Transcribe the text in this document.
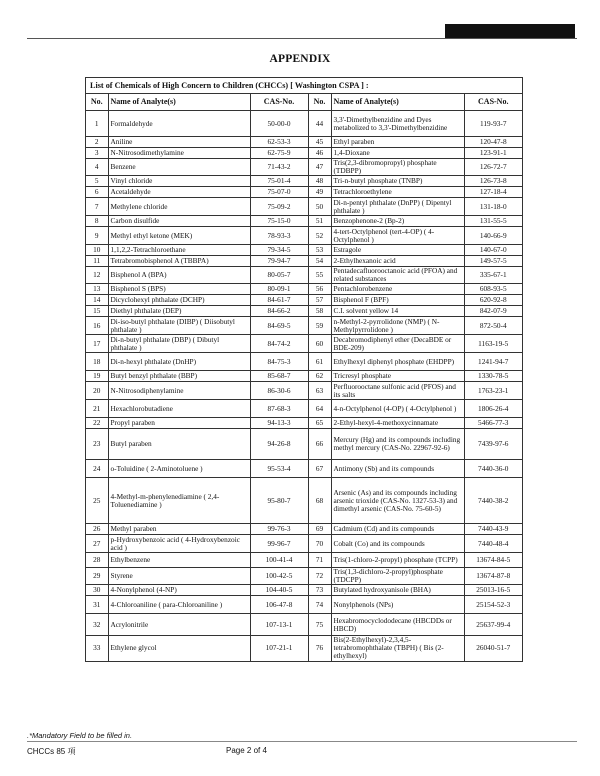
APPENDIX
List of Chemicals of High Concern to Children (CHCCs) [ Washington CSPA ] :
No.	Name of Analyte(s)	CAS-No.	No.	Name of Analyte(s)	CAS-No.
1	Formaldehyde	50-00-0	44	3,3'-Dimethylbenzidine and Dyes metabolized to 3,3'-Dimethylbenzidine	119-93-7
2	Aniline	62-53-3	45	Ethyl paraben	120-47-8
3	N-Nitrosodimethylamine	62-75-9	46	1,4-Dioxane	123-91-1
4	Benzene	71-43-2	47	Tris(2,3-dibromopropyl) phosphate (TDBPP)	126-72-7
5	Vinyl chloride	75-01-4	48	Tri-n-butyl phosphate (TNBP)	126-73-8
6	Acetaldehyde	75-07-0	49	Tetrachloroethylene	127-18-4
7	Methylene chloride	75-09-2	50	Di-n-pentyl phthalate (DnPP) ( Dipentyl phthalate )	131-18-0
8	Carbon disulfide	75-15-0	51	Benzophenone-2 (Bp-2)	131-55-5
9	Methyl ethyl ketone (MEK)	78-93-3	52	4-tert-Octylphenol (tert-4-OP) ( 4-Octylphenol )	140-66-9
10	1,1,2,2-Tetrachloroethane	79-34-5	53	Estragole	140-67-0
11	Tetrabromobisphenol A (TBBPA)	79-94-7	54	2-Ethylhexanoic acid	149-57-5
12	Bisphenol A (BPA)	80-05-7	55	Pentadecafluorooctanoic acid (PFOA) and related substances	335-67-1
13	Bisphenol S (BPS)	80-09-1	56	Pentachlorobenzene	608-93-5
14	Dicyclohexyl phthalate (DCHP)	84-61-7	57	Bisphenol F (BPF)	620-92-8
15	Diethyl phthalate (DEP)	84-66-2	58	C.I. solvent yellow 14	842-07-9
16	Di-iso-butyl phthalate (DIBP) ( Diisobutyl phthalate )	84-69-5	59	n-Methyl-2-pyrrolidone (NMP) ( N-Methylpyrrolidone )	872-50-4
17	Di-n-butyl phthalate (DBP) ( Dibutyl phthalate )	84-74-2	60	Decabromodiphenyl ether (DecaBDE or BDE-209)	1163-19-5
18	Di-n-hexyl phthalate (DnHP)	84-75-3	61	Ethylhexyl diphenyl phosphate (EHDPP)	1241-94-7
19	Butyl benzyl phthalate (BBP)	85-68-7	62	Tricresyl phosphate	1330-78-5
20	N-Nitrosodiphenylamine	86-30-6	63	Perfluorooctane sulfonic acid (PFOS) and its salts	1763-23-1
21	Hexachlorobutadiene	87-68-3	64	4-n-Octylphenol (4-OP) ( 4-Octylphenol )	1806-26-4
22	Propyl paraben	94-13-3	65	2-Ethyl-hexyl-4-methoxycinnamate	5466-77-3
23	Butyl paraben	94-26-8	66	Mercury (Hg) and its compounds including methyl mercury (CAS-No. 22967-92-6)	7439-97-6
24	o-Toluidine ( 2-Aminotoluene )	95-53-4	67	Antimony (Sb) and its compounds	7440-36-0
25	4-Methyl-m-phenylenediamine ( 2,4-Toluenediamine )	95-80-7	68	Arsenic (As) and its compounds including arsenic trioxide (CAS-No. 1327-53-3) and dimethyl arsenic (CAS-No. 75-60-5)	7440-38-2
26	Methyl paraben	99-76-3	69	Cadmium (Cd) and its compounds	7440-43-9
27	p-Hydroxybenzoic acid ( 4-Hydroxybenzoic acid )	99-96-7	70	Cobalt (Co) and its compounds	7440-48-4
28	Ethylbenzene	100-41-4	71	Tris(1-chloro-2-propyl) phosphate (TCPP)	13674-84-5
29	Styrene	100-42-5	72	Tris(1,3-dichloro-2-propyl)phosphate (TDCPP)	13674-87-8
30	4-Nonylphenol (4-NP)	104-40-5	73	Butylated hydroxyanisole (BHA)	25013-16-5
31	4-Chloroaniline ( para-Chloroaniline )	106-47-8	74	Nonylphenols (NPs)	25154-52-3
32	Acrylonitrile	107-13-1	75	Hexabromocyclododecane (HBCDDs or HBCD)	25637-99-4
33	Ethylene glycol	107-21-1	76	Bis(2-Ethylhexyl)-2,3,4,5-tetrabromophthalate (TBPH) ( Bis (2-ethylhexyl)	26040-51-7
.*Mandatory Field to be filled in.
CHCCs 85 項	Page 2 of 4
